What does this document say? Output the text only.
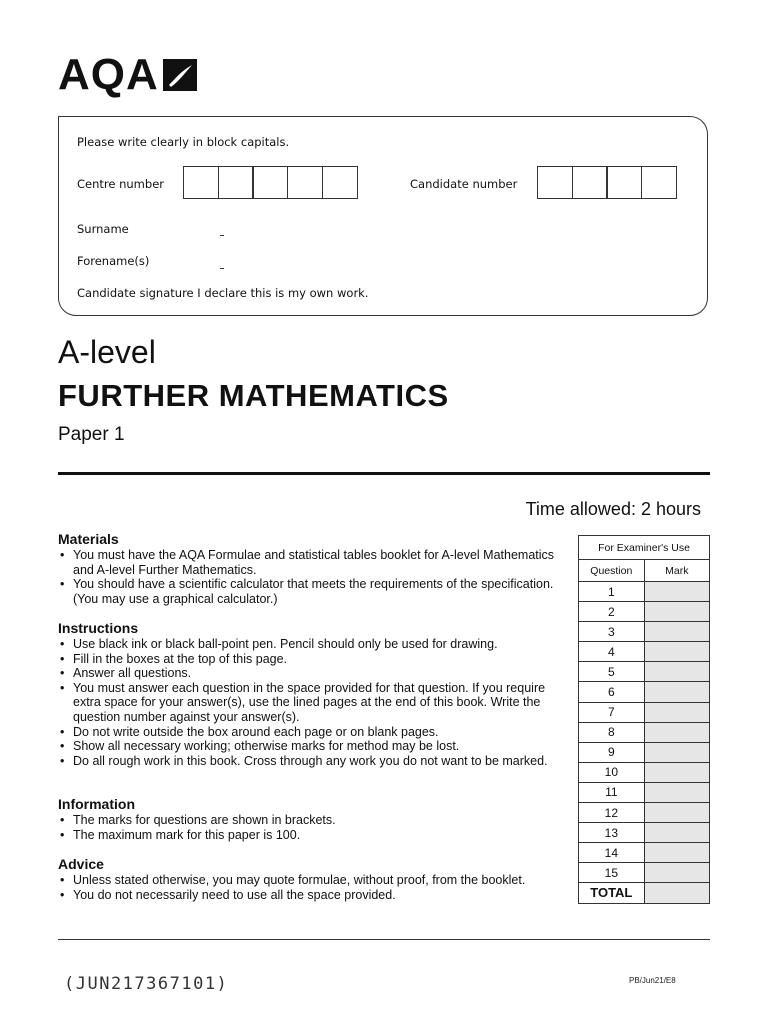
AQA
Please write clearly in block capitals.
Centre number	Candidate number
Surname
Forename(s)
Candidate signature I declare this is my own work.
A-level
FURTHER MATHEMATICS
Paper 1
Time allowed: 2 hours
Materials
• You must have the AQA Formulae and statistical tables booklet for A‑level Mathematics and A‑level Further Mathematics.
• You should have a scientific calculator that meets the requirements of the specification. (You may use a graphical calculator.)
Instructions
• Use black ink or black ball-point pen. Pencil should only be used for drawing.
• Fill in the boxes at the top of this page.
• Answer all questions.
• You must answer each question in the space provided for that question. If you require extra space for your answer(s), use the lined pages at the end of this book. Write the question number against your answer(s).
• Do not write outside the box around each page or on blank pages.
• Show all necessary working; otherwise marks for method may be lost.
• Do all rough work in this book. Cross through any work you do not want to be marked.
Information
• The marks for questions are shown in brackets.
• The maximum mark for this paper is 100.
Advice
• Unless stated otherwise, you may quote formulae, without proof, from the booklet.
• You do not necessarily need to use all the space provided.
For Examiner's Use	
Question	Mark
1	
2	
3	
4	
5	
6	
7	
8	
9	
10	
11	
12	
13	
14	
15	
TOTAL	
(JUN217367101)	PB/Jun21/E8
